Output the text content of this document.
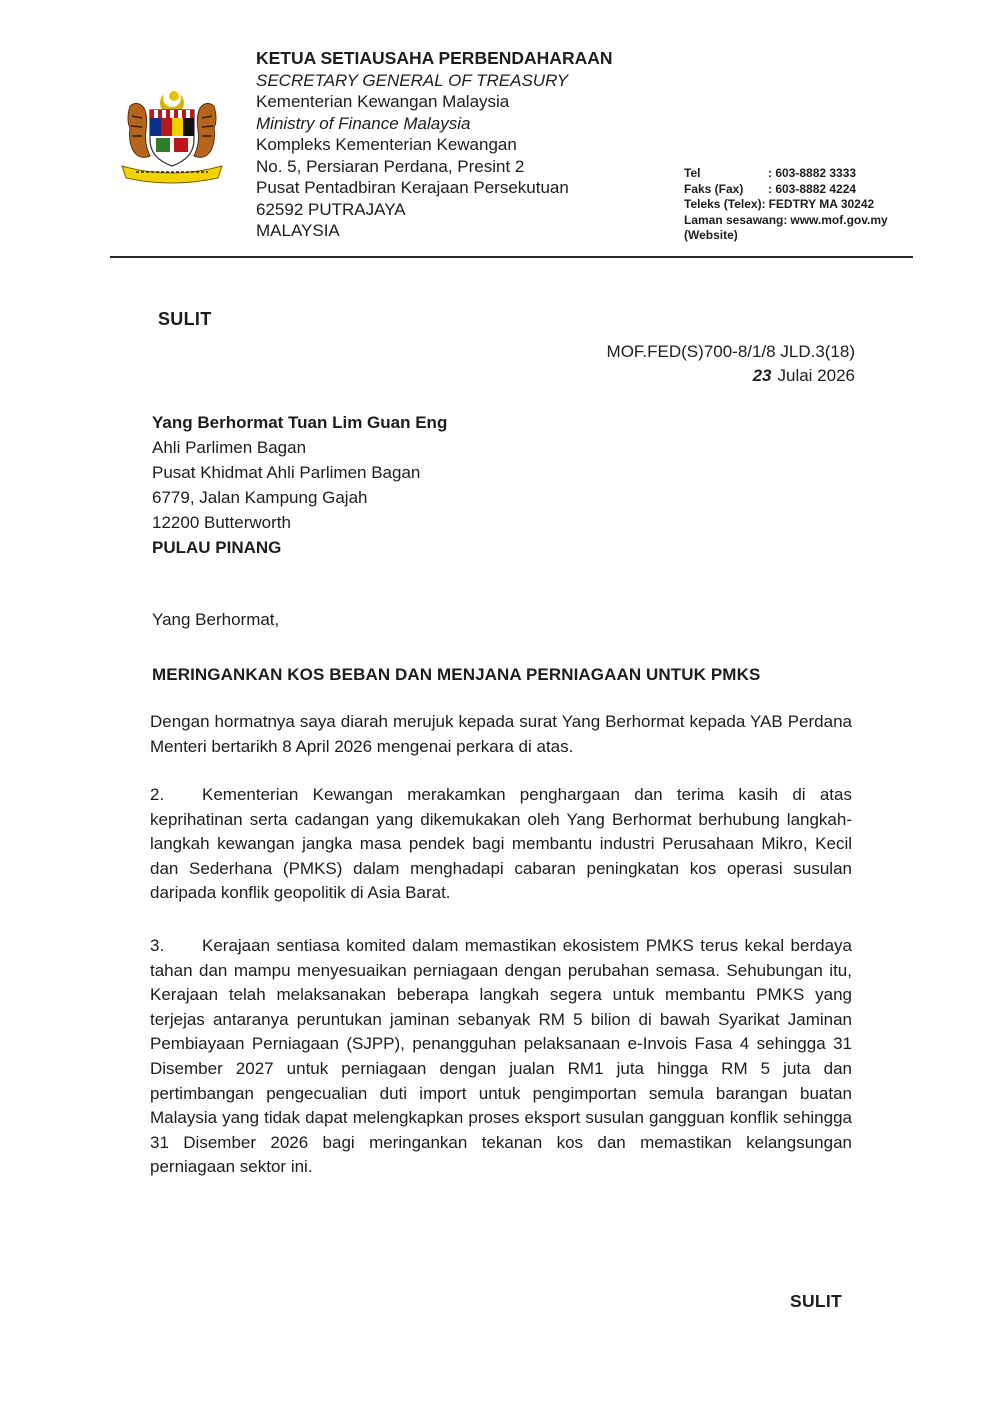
KETUA SETIAUSAHA PERBENDAHARAAN
SECRETARY GENERAL OF TREASURY
Kementerian Kewangan Malaysia
Ministry of Finance Malaysia
Kompleks Kementerian Kewangan
No. 5, Persiaran Perdana, Presint 2
Pusat Pentadbiran Kerajaan Persekutuan
62592 PUTRAJAYA
MALAYSIA
Tel	: 603-8882 3333
Faks (Fax)	: 603-8882 4224
Teleks (Telex): FEDTRY MA 30242
Laman sesawang: www.mof.gov.my
(Website)
SULIT
MOF.FED(S)700-8/1/8 JLD.3(18)
23 Julai 2026
Yang Berhormat Tuan Lim Guan Eng
Ahli Parlimen Bagan
Pusat Khidmat Ahli Parlimen Bagan
6779, Jalan Kampung Gajah
12200 Butterworth
PULAU PINANG
Yang Berhormat,
MERINGANKAN KOS BEBAN DAN MENJANA PERNIAGAAN UNTUK PMKS
Dengan hormatnya saya diarah merujuk kepada surat Yang Berhormat kepada YAB Perdana Menteri bertarikh 8 April 2026 mengenai perkara di atas.
2. Kementerian Kewangan merakamkan penghargaan dan terima kasih di atas keprihatinan serta cadangan yang dikemukakan oleh Yang Berhormat berhubung langkah-langkah kewangan jangka masa pendek bagi membantu industri Perusahaan Mikro, Kecil dan Sederhana (PMKS) dalam menghadapi cabaran peningkatan kos operasi susulan daripada konflik geopolitik di Asia Barat.
3. Kerajaan sentiasa komited dalam memastikan ekosistem PMKS terus kekal berdaya tahan dan mampu menyesuaikan perniagaan dengan perubahan semasa. Sehubungan itu, Kerajaan telah melaksanakan beberapa langkah segera untuk membantu PMKS yang terjejas antaranya peruntukan jaminan sebanyak RM 5 bilion di bawah Syarikat Jaminan Pembiayaan Perniagaan (SJPP), penangguhan pelaksanaan e-Invois Fasa 4 sehingga 31 Disember 2027 untuk perniagaan dengan jualan RM1 juta hingga RM 5 juta dan pertimbangan pengecualian duti import untuk pengimportan semula barangan buatan Malaysia yang tidak dapat melengkapkan proses eksport susulan gangguan konflik sehingga 31 Disember 2026 bagi meringankan tekanan kos dan memastikan kelangsungan perniagaan sektor ini.
SULIT
